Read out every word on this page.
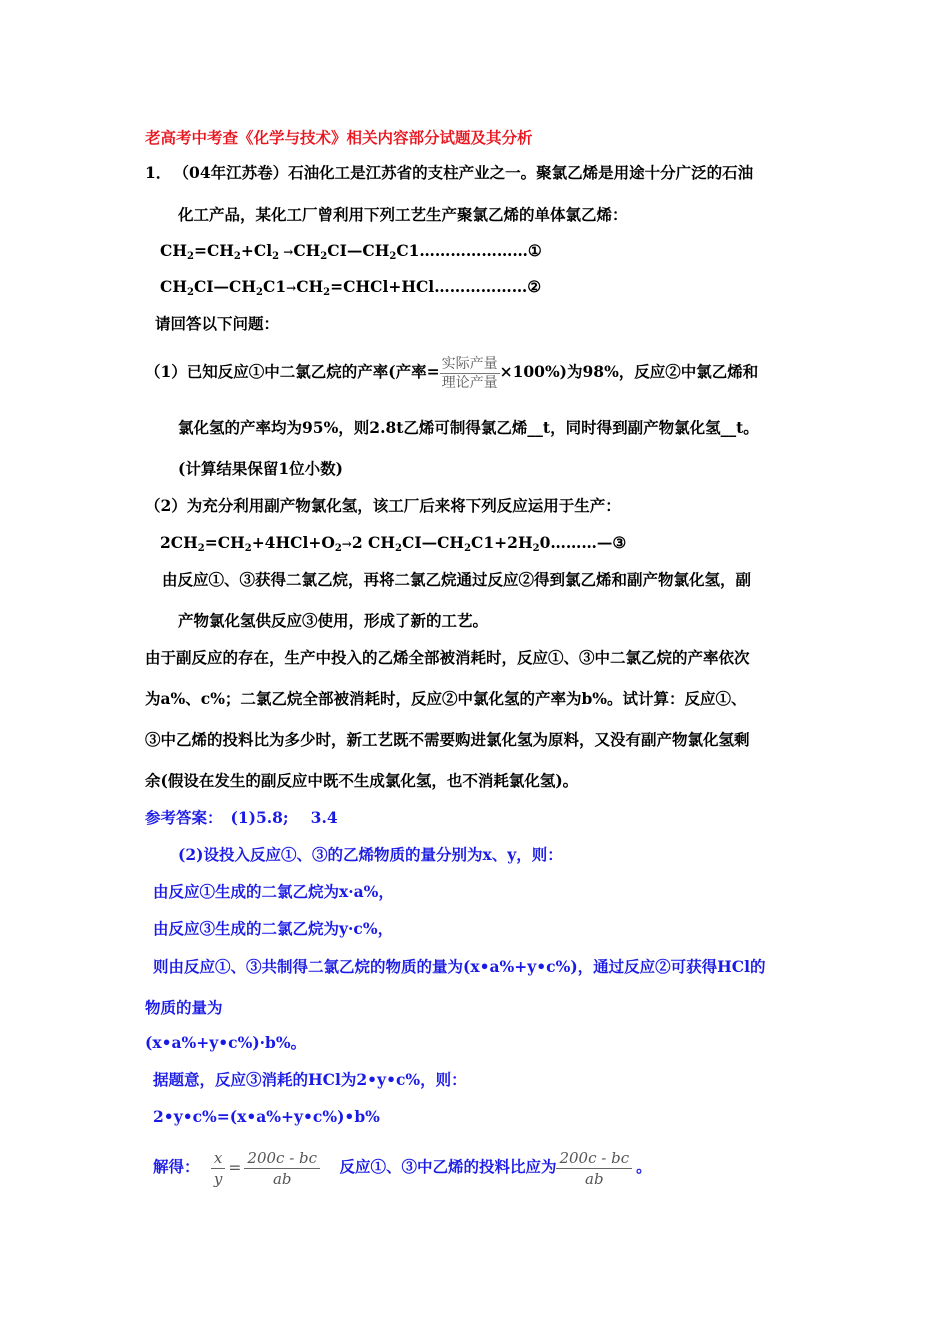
老高考中考查《化学与技术》相关内容部分试题及其分析
1． （04年江苏卷）石油化工是江苏省的支柱产业之一。聚氯乙烯是用途十分广泛的石油
化工产品，某化工厂曾利用下列工艺生产聚氯乙烯的单体氯乙烯：
$CH_2=CH_2+Cl_2$ $\to CH_2CI—CH_2C1\dots\dots\dots\dots\dots\dots\dots ①$
$CH_2CI—CH_2C1\to CH_2=CHCl+HCl\dots\dots\dots\dots\dots\dots ②$
请回答以下问题：
（1）已知反应①中二氯乙烷的产率(产率= $\frac{\text{实际产量}}{\text{理论产量}} \times 100\%$)为98%，反应②中氯乙烯和
氯化氢的产率均为95%，则2.8t乙烯可制得氯乙烯__t，同时得到副产物氯化氢__t。
(计算结果保留1位小数)
（2）为充分利用副产物氯化氢，该工厂后来将下列反应运用于生产：
$2CH_2=CH_2+4HCl+O_2\to 2$ $CH_2CI—CH_2C1+2H_20\dots\dots\dots—③$
由反应①、③获得二氯乙烷，再将二氯乙烷通过反应②得到氯乙烯和副产物氯化氢，副
产物氯化氢供反应③使用，形成了新的工艺。
由于副反应的存在，生产中投入的乙烯全部被消耗时，反应①、③中二氯乙烷的产率依次
为a%、c%；二氯乙烷全部被消耗时，反应②中氯化氢的产率为b%。试计算：反应①、
③中乙烯的投料比为多少时，新工艺既不需要购进氯化氢为原料，又没有副产物氯化氢剩
余(假设在发生的副反应中既不生成氯化氢，也不消耗氯化氢)。
参考答案： (1)5.8; 3.4
(2)设投入反应①、③的乙烯物质的量分别为x、y，则：
由反应①生成的二氯乙烷为x·a%，
由反应③生成的二氯乙烷为y·c%，
则由反应①、③共制得二氯乙烷的物质的量为(x•a%+y•c%)，通过反应②可获得HCl的
物质的量为
(x•a%+y•c%)·b%。
据题意，反应③消耗的HCl为2•y•c%，则：
2•y•c%=(x•a%+y•c%)•b%
解得： $\frac{x}{y} = \frac{200c - bc}{ab}$ 反应①、③中乙烯的投料比应为 $\frac{200c - bc}{ab}$ 。
